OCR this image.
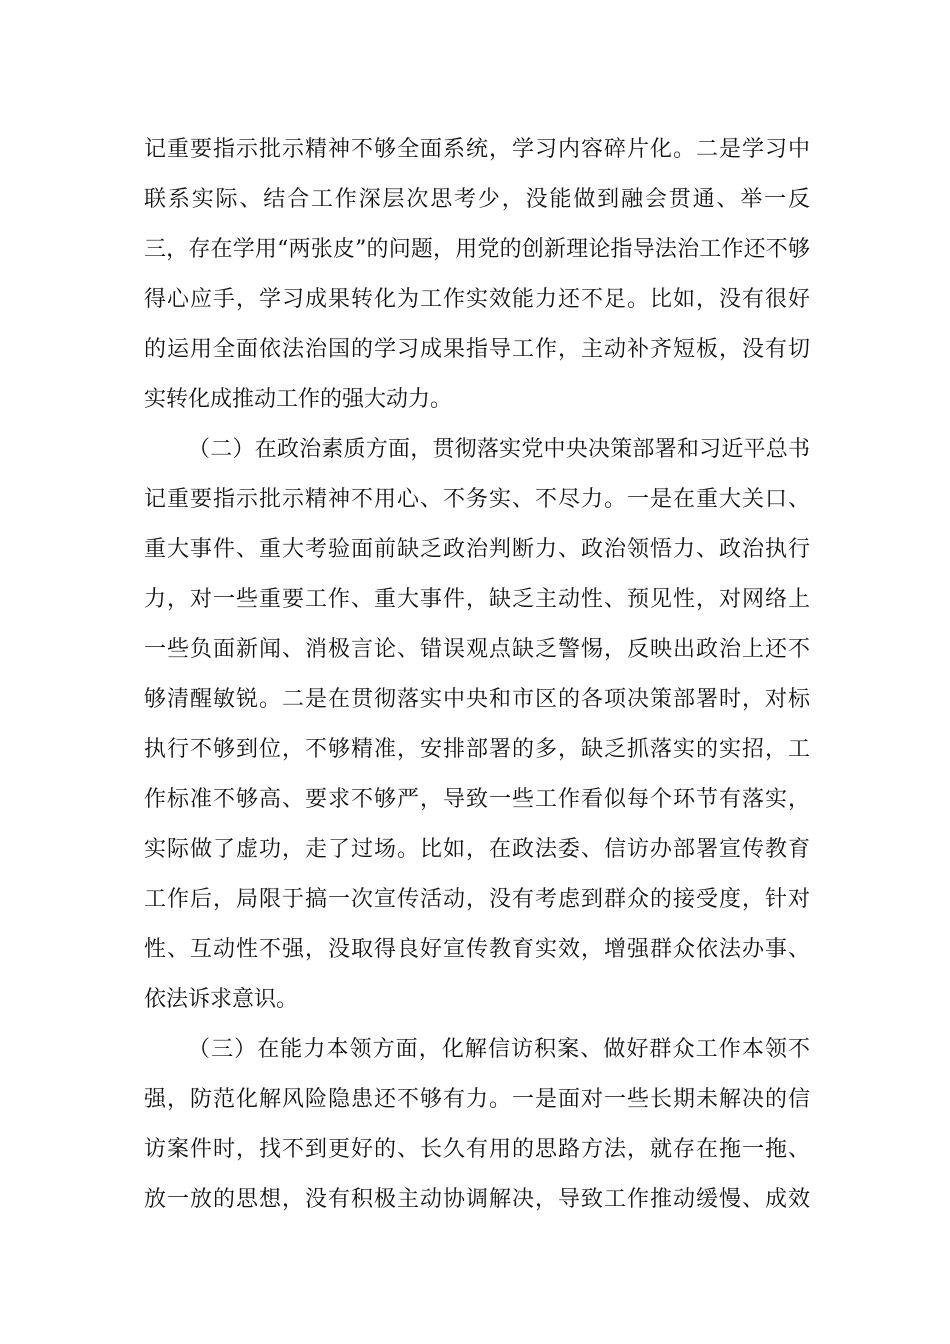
记重要指示批示精神不够全面系统，学习内容碎片化。二是学习中
联系实际、结合工作深层次思考少，没能做到融会贯通、举一反
三，存在学用“两张皮”的问题，用党的创新理论指导法治工作还不够
得心应手，学习成果转化为工作实效能力还不足。比如，没有很好
的运用全面依法治国的学习成果指导工作，主动补齐短板，没有切
实转化成推动工作的强大动力。
（二）在政治素质方面，贯彻落实党中央决策部署和习近平总书
记重要指示批示精神不用心、不务实、不尽力。一是在重大关口、
重大事件、重大考验面前缺乏政治判断力、政治领悟力、政治执行
力，对一些重要工作、重大事件，缺乏主动性、预见性，对网络上
一些负面新闻、消极言论、错误观点缺乏警惕，反映出政治上还不
够清醒敏锐。二是在贯彻落实中央和市区的各项决策部署时，对标
执行不够到位，不够精准，安排部署的多，缺乏抓落实的实招，工
作标准不够高、要求不够严，导致一些工作看似每个环节有落实，
实际做了虚功，走了过场。比如，在政法委、信访办部署宣传教育
工作后，局限于搞一次宣传活动，没有考虑到群众的接受度，针对
性、互动性不强，没取得良好宣传教育实效，增强群众依法办事、
依法诉求意识。
（三）在能力本领方面，化解信访积案、做好群众工作本领不
强，防范化解风险隐患还不够有力。一是面对一些长期未解决的信
访案件时，找不到更好的、长久有用的思路方法，就存在拖一拖、
放一放的思想，没有积极主动协调解决，导致工作推动缓慢、成效
